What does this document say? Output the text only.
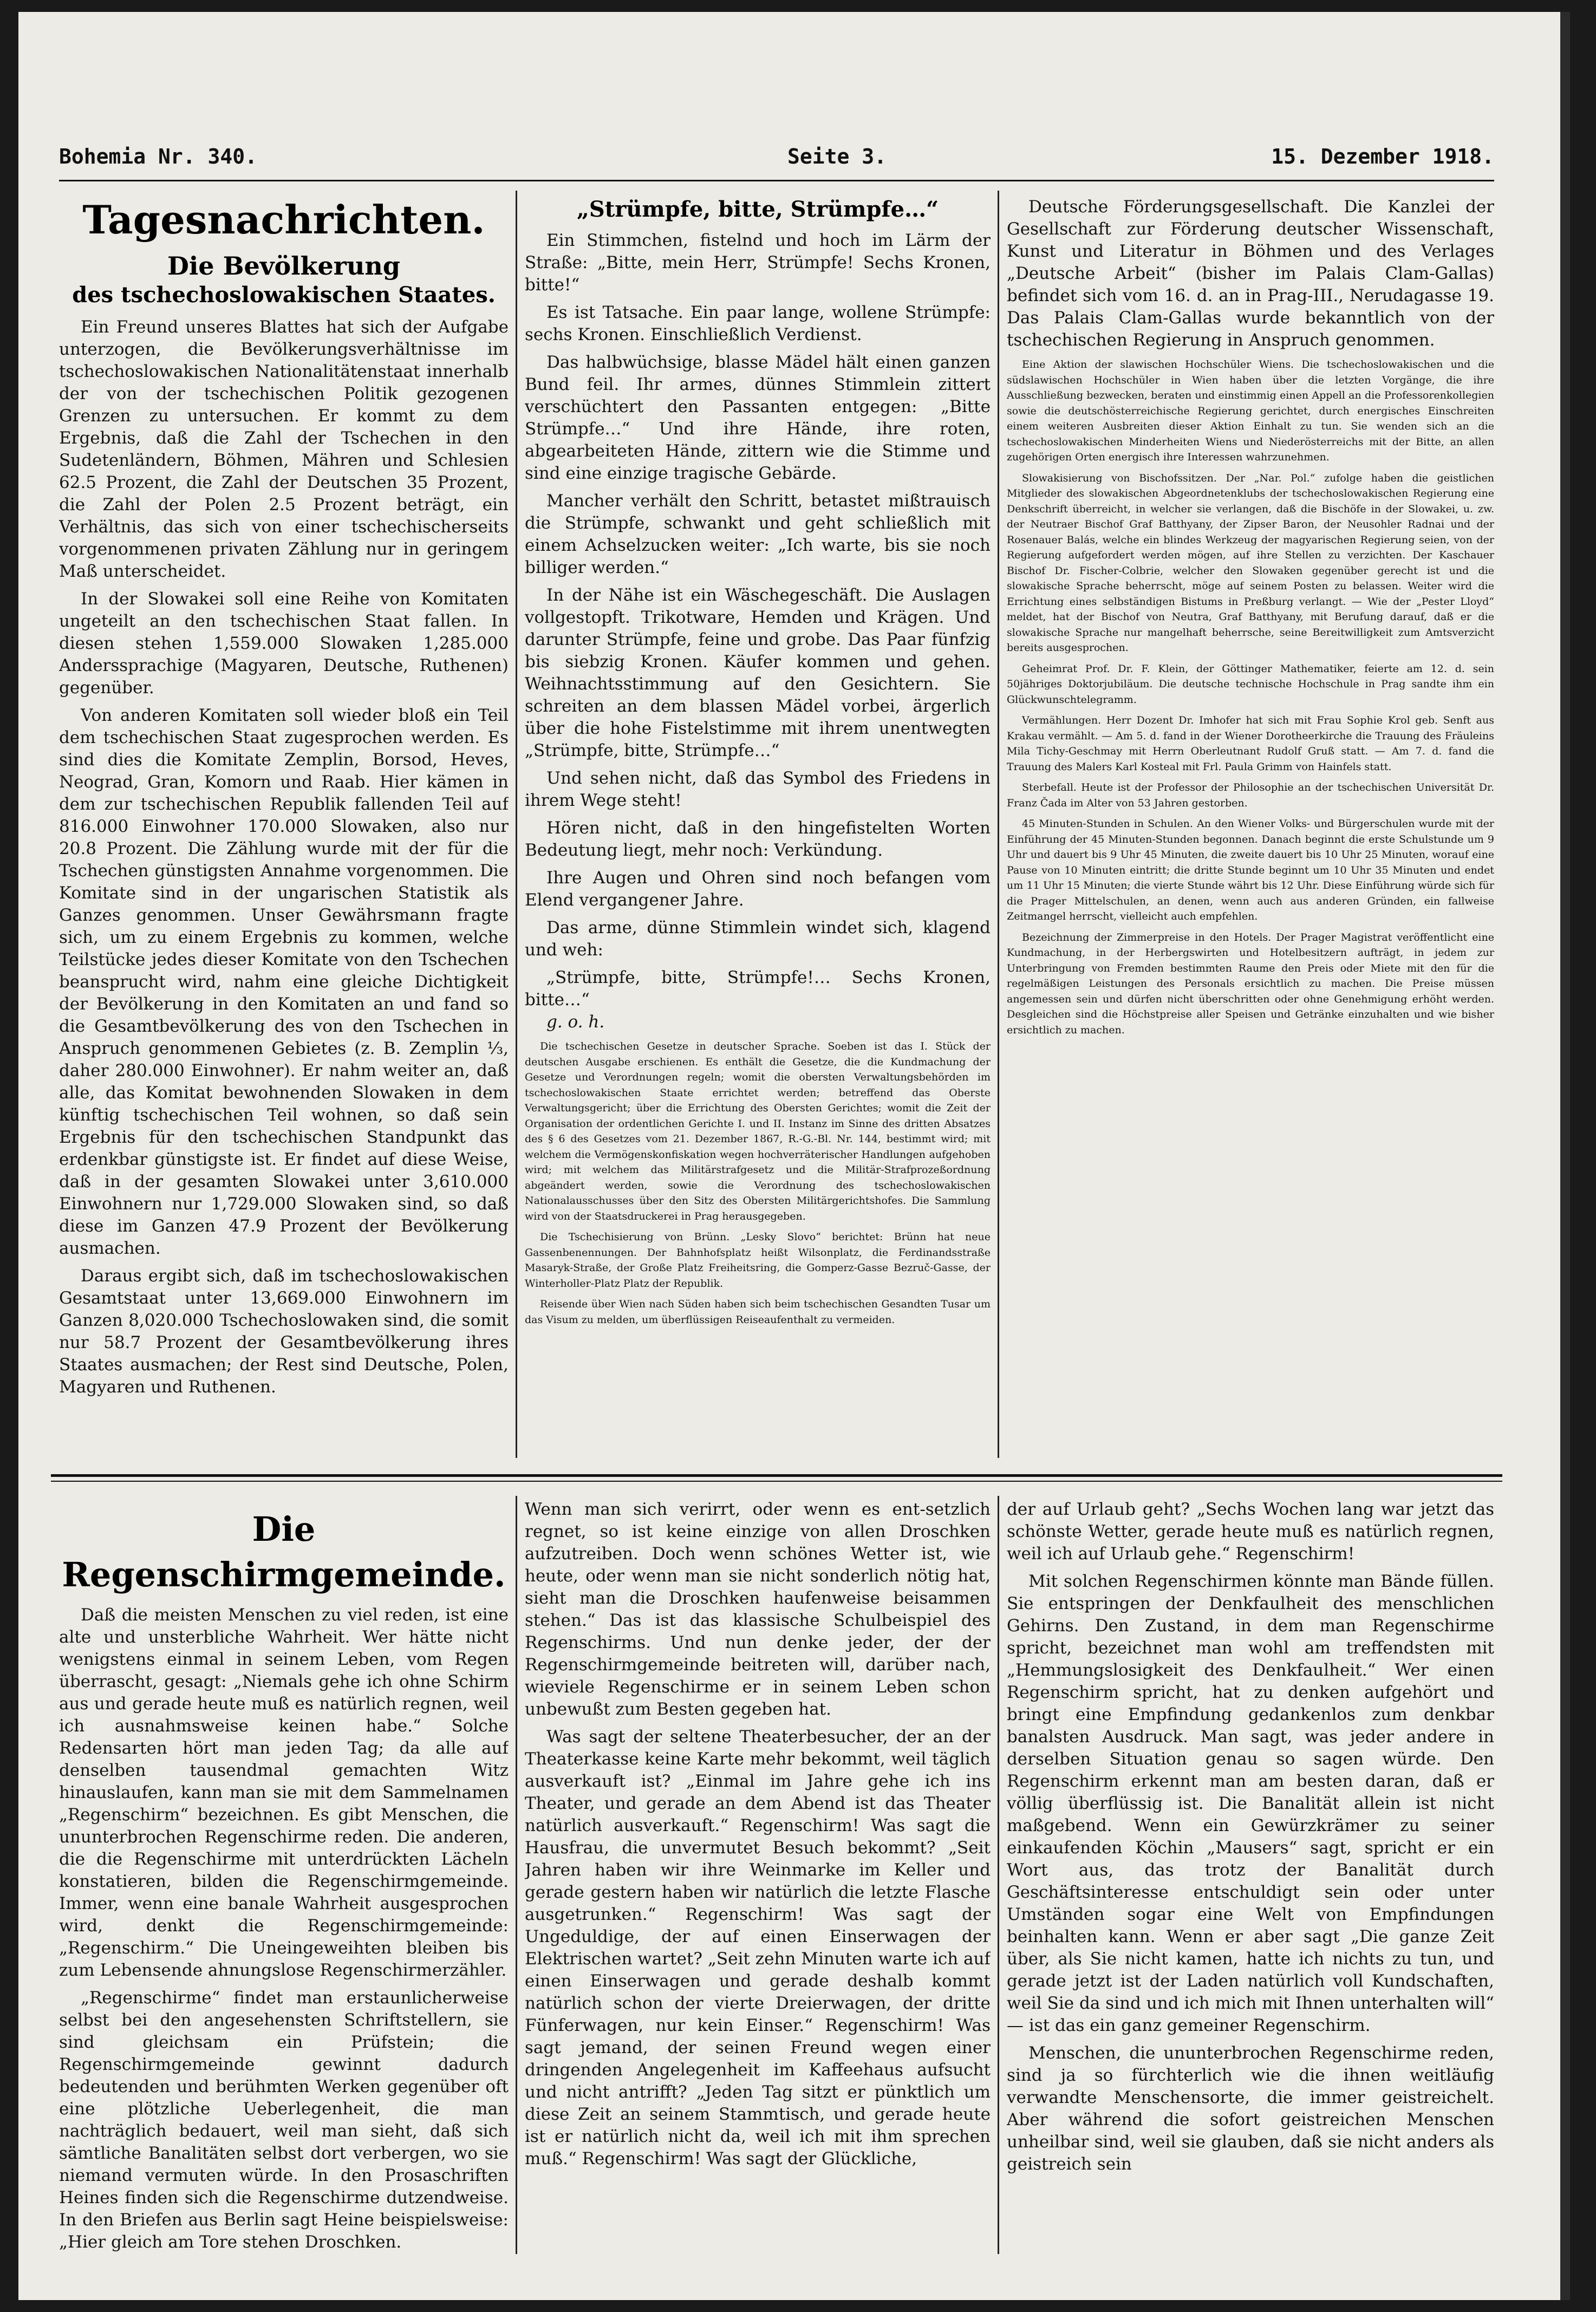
Bohemia Nr. 340.	Seite 3.	15. Dezember 1918.
Tagesnachrichten.
Die Bevölkerung
des tschechoslowakischen Staates.

Ein Freund unseres Blattes hat sich der Aufgabe unterzogen, die Bevölkerungsverhältnisse im tschechoslowakischen Nationalitätenstaat innerhalb der von der tschechischen Politik gezogenen Grenzen zu untersuchen. Er kommt zu dem Ergebnis, daß die Zahl der Tschechen in den Sudetenländern, Böhmen, Mähren und Schlesien 62.5 Prozent, die Zahl der Deutschen 35 Prozent, die Zahl der Polen 2.5 Prozent beträgt, ein Verhältnis, das sich von einer tschechischerseits vorgenommenen privaten Zählung nur in geringem Maß unterscheidet.

In der Slowakei soll eine Reihe von Komitaten ungeteilt an den tschechischen Staat fallen. In diesen stehen 1,559.000 Slowaken 1,285.000 Anderssprachige (Magyaren, Deutsche, Ruthenen) gegenüber.

Von anderen Komitaten soll wieder bloß ein Teil dem tschechischen Staat zugesprochen werden. Es sind dies die Komitate Zemplin, Borsod, Heves, Neograd, Gran, Komorn und Raab. Hier kämen in dem zur tschechischen Republik fallenden Teil auf 816.000 Einwohner 170.000 Slowaken, also nur 20.8 Prozent. Die Zählung wurde mit der für die Tschechen günstigsten Annahme vorgenommen. Die Komitate sind in der ungarischen Statistik als Ganzes genommen. Unser Gewährsmann fragte sich, um zu einem Ergebnis zu kommen, welche Teilstücke jedes dieser Komitate von den Tschechen beansprucht wird, nahm eine gleiche Dichtigkeit der Bevölkerung in den Komitaten an und fand so die Gesamtbevölkerung des von den Tschechen in Anspruch genommenen Gebietes (z. B. Zemplin ⅓, daher 280.000 Einwohner). Er nahm weiter an, daß alle, das Komitat bewohnenden Slowaken in dem künftig tschechischen Teil wohnen, so daß sein Ergebnis für den tschechischen Standpunkt das erdenkbar günstigste ist. Er findet auf diese Weise, daß in der gesamten Slowakei unter 3,610.000 Einwohnern nur 1,729.000 Slowaken sind, so daß diese im Ganzen 47.9 Prozent der Bevölkerung ausmachen.

Daraus ergibt sich, daß im tschechoslowakischen Gesamtstaat unter 13,669.000 Einwohnern im Ganzen 8,020.000 Tschechoslowaken sind, die somit nur 58.7 Prozent der Gesamtbevölkerung ihres Staates ausmachen; der Rest sind Deutsche, Polen, Magyaren und Ruthenen.

„Strümpfe, bitte, Strümpfe…“

Ein Stimmchen, fistelnd und hoch im Lärm der Straße: „Bitte, mein Herr, Strümpfe! Sechs Kronen, bitte!“

Es ist Tatsache. Ein paar lange, wollene Strümpfe: sechs Kronen. Einschließlich Verdienst.

Das halbwüchsige, blasse Mädel hält einen ganzen Bund feil. Ihr armes, dünnes Stimmlein zittert verschüchtert den Passanten entgegen: „Bitte Strümpfe…“ Und ihre Hände, ihre roten, abgearbeiteten Hände, zittern wie die Stimme und sind eine einzige tragische Gebärde.

Mancher verhält den Schritt, betastet mißtrauisch die Strümpfe, schwankt und geht schließlich mit einem Achselzucken weiter: „Ich warte, bis sie noch billiger werden.“

In der Nähe ist ein Wäschegeschäft. Die Auslagen vollgestopft. Trikotware, Hemden und Krägen. Und darunter Strümpfe, feine und grobe. Das Paar fünfzig bis siebzig Kronen. Käufer kommen und gehen. Weihnachtsstimmung auf den Gesichtern. Sie schreiten an dem blassen Mädel vorbei, ärgerlich über die hohe Fistelstimme mit ihrem unentwegten „Strümpfe, bitte, Strümpfe…“

Und sehen nicht, daß das Symbol des Friedens in ihrem Wege steht!

Hören nicht, daß in den hingefistelten Worten Bedeutung liegt, mehr noch: Verkündung.

Ihre Augen und Ohren sind noch befangen vom Elend vergangener Jahre.

Das arme, dünne Stimmlein windet sich, klagend und weh:

„Strümpfe, bitte, Strümpfe!… Sechs Kronen, bitte…“

g. o. h.

Die tschechischen Gesetze in deutscher Sprache. Soeben ist das I. Stück der deutschen Ausgabe erschienen. Es enthält die Gesetze, die die Kundmachung der Gesetze und Verordnungen regeln; womit die obersten Verwaltungsbehörden im tschechoslowakischen Staate errichtet werden; betreffend das Oberste Verwaltungsgericht; über die Errichtung des Obersten Gerichtes; womit die Zeit der Organisation der ordentlichen Gerichte I. und II. Instanz im Sinne des dritten Absatzes des § 6 des Gesetzes vom 21. Dezember 1867, R.-G.-Bl. Nr. 144, bestimmt wird; mit welchem die Vermögenskonfiskation wegen hochverräterischer Handlungen aufgehoben wird; mit welchem das Militärstrafgesetz und die Militär-Strafprozeßordnung abgeändert werden, sowie die Verordnung des tschechoslowakischen Nationalausschusses über den Sitz des Obersten Militärgerichtshofes. Die Sammlung wird von der Staatsdruckerei in Prag herausgegeben.

Die Tschechisierung von Brünn. „Lesky Slovo“ berichtet: Brünn hat neue Gassenbenennungen. Der Bahnhofsplatz heißt Wilsonplatz, die Ferdinandsstraße Masaryk-Straße, der Große Platz Freiheitsring, die Gomperz-Gasse Bezruč-Gasse, der Winterholler-Platz Platz der Republik.

Reisende über Wien nach Süden haben sich beim tschechischen Gesandten Tusar um das Visum zu melden, um überflüssigen Reiseaufenthalt zu vermeiden.

Deutsche Förderungsgesellschaft. Die Kanzlei der Gesellschaft zur Förderung deutscher Wissenschaft, Kunst und Literatur in Böhmen und des Verlages „Deutsche Arbeit“ (bisher im Palais Clam-Gallas) befindet sich vom 16. d. an in Prag-III., Nerudagasse 19. Das Palais Clam-Gallas wurde bekanntlich von der tschechischen Regierung in Anspruch genommen.

Eine Aktion der slawischen Hochschüler Wiens. Die tschechoslowakischen und die südslawischen Hochschüler in Wien haben über die letzten Vorgänge, die ihre Ausschließung bezwecken, beraten und einstimmig einen Appell an die Professorenkollegien sowie die deutschösterreichische Regierung gerichtet, durch energisches Einschreiten einem weiteren Ausbreiten dieser Aktion Einhalt zu tun. Sie wenden sich an die tschechoslowakischen Minderheiten Wiens und Niederösterreichs mit der Bitte, an allen zugehörigen Orten energisch ihre Interessen wahrzunehmen.

Slowakisierung von Bischofssitzen. Der „Nar. Pol.“ zufolge haben die geistlichen Mitglieder des slowakischen Abgeordnetenklubs der tschechoslowakischen Regierung eine Denkschrift überreicht, in welcher sie verlangen, daß die Bischöfe in der Slowakei, u. zw. der Neutraer Bischof Graf Batthyany, der Zipser Baron, der Neusohler Radnai und der Rosenauer Balás, welche ein blindes Werkzeug der magyarischen Regierung seien, von der Regierung aufgefordert werden mögen, auf ihre Stellen zu verzichten. Der Kaschauer Bischof Dr. Fischer-Colbrie, welcher den Slowaken gegenüber gerecht ist und die slowakische Sprache beherrscht, möge auf seinem Posten zu belassen. Weiter wird die Errichtung eines selbständigen Bistums in Preßburg verlangt. — Wie der „Pester Lloyd“ meldet, hat der Bischof von Neutra, Graf Batthyany, mit Berufung darauf, daß er die slowakische Sprache nur mangelhaft beherrsche, seine Bereitwilligkeit zum Amtsverzicht bereits ausgesprochen.

Geheimrat Prof. Dr. F. Klein, der Göttinger Mathematiker, feierte am 12. d. sein 50jähriges Doktorjubiläum. Die deutsche technische Hochschule in Prag sandte ihm ein Glückwunschtelegramm.

Vermählungen. Herr Dozent Dr. Imhofer hat sich mit Frau Sophie Krol geb. Senft aus Krakau vermählt. — Am 5. d. fand in der Wiener Dorotheerkirche die Trauung des Fräuleins Mila Tichy-Geschmay mit Herrn Oberleutnant Rudolf Gruß statt. — Am 7. d. fand die Trauung des Malers Karl Kosteal mit Frl. Paula Grimm von Hainfels statt.

Sterbefall. Heute ist der Professor der Philosophie an der tschechischen Universität Dr. Franz Čada im Alter von 53 Jahren gestorben.

45 Minuten-Stunden in Schulen. An den Wiener Volks- und Bürgerschulen wurde mit der Einführung der 45 Minuten-Stunden begonnen. Danach beginnt die erste Schulstunde um 9 Uhr und dauert bis 9 Uhr 45 Minuten, die zweite dauert bis 10 Uhr 25 Minuten, worauf eine Pause von 10 Minuten eintritt; die dritte Stunde beginnt um 10 Uhr 35 Minuten und endet um 11 Uhr 15 Minuten; die vierte Stunde währt bis 12 Uhr. Diese Einführung würde sich für die Prager Mittelschulen, an denen, wenn auch aus anderen Gründen, ein fallweise Zeitmangel herrscht, vielleicht auch empfehlen.

Bezeichnung der Zimmerpreise in den Hotels. Der Prager Magistrat veröffentlicht eine Kundmachung, in der Herbergswirten und Hotelbesitzern aufträgt, in jedem zur Unterbringung von Fremden bestimmten Raume den Preis oder Miete mit den für die regelmäßigen Leistungen des Personals ersichtlich zu machen. Die Preise müssen angemessen sein und dürfen nicht überschritten oder ohne Genehmigung erhöht werden. Desgleichen sind die Höchstpreise aller Speisen und Getränke einzuhalten und wie bisher ersichtlich zu machen.

Die Regenschirmgemeinde.

Daß die meisten Menschen zu viel reden, ist eine alte und unsterbliche Wahrheit. Wer hätte nicht wenigstens einmal in seinem Leben, vom Regen überrascht, gesagt: „Niemals gehe ich ohne Schirm aus und gerade heute muß es natürlich regnen, weil ich ausnahmsweise keinen habe.“ Solche Redensarten hört man jeden Tag; da alle auf denselben tausendmal gemachten Witz hinauslaufen, kann man sie mit dem Sammelnamen „Regenschirm“ bezeichnen. Es gibt Menschen, die ununterbrochen Regenschirme reden. Die anderen, die die Regenschirme mit unterdrückten Lächeln konstatieren, bilden die Regenschirmgemeinde. Immer, wenn eine banale Wahrheit ausgesprochen wird, denkt die Regenschirmgemeinde: „Regenschirm.“ Die Uneingeweihten bleiben bis zum Lebensende ahnungslose Regenschirmerzähler.

„Regenschirme“ findet man erstaunlicherweise selbst bei den angesehensten Schriftstellern, sie sind gleichsam ein Prüfstein; die Regenschirmgemeinde gewinnt dadurch bedeutenden und berühmten Werken gegenüber oft eine plötzliche Ueberlegenheit, die man nachträglich bedauert, weil man sieht, daß sich sämtliche Banalitäten selbst dort verbergen, wo sie niemand vermuten würde. In den Prosaschriften Heines finden sich die Regenschirme dutzendweise. In den Briefen aus Berlin sagt Heine beispielsweise: „Hier gleich am Tore stehen Droschken.

Wenn man sich verirrt, oder wenn es ent-setzlich regnet, so ist keine einzige von allen Droschken aufzutreiben. Doch wenn schönes Wetter ist, wie heute, oder wenn man sie nicht sonderlich nötig hat, sieht man die Droschken haufenweise beisammen stehen.“ Das ist das klassische Schulbeispiel des Regenschirms. Und nun denke jeder, der der Regenschirmgemeinde beitreten will, darüber nach, wieviele Regenschirme er in seinem Leben schon unbewußt zum Besten gegeben hat.

Was sagt der seltene Theaterbesucher, der an der Theaterkasse keine Karte mehr bekommt, weil täglich ausverkauft ist? „Einmal im Jahre gehe ich ins Theater, und gerade an dem Abend ist das Theater natürlich ausverkauft.“ Regenschirm! Was sagt die Hausfrau, die unvermutet Besuch bekommt? „Seit Jahren haben wir ihre Weinmarke im Keller und gerade gestern haben wir natürlich die letzte Flasche ausgetrunken.“ Regenschirm! Was sagt der Ungeduldige, der auf einen Einserwagen der Elektrischen wartet? „Seit zehn Minuten warte ich auf einen Einserwagen und gerade deshalb kommt natürlich schon der vierte Dreierwagen, der dritte Fünferwagen, nur kein Einser.“ Regenschirm! Was sagt jemand, der seinen Freund wegen einer dringenden Angelegenheit im Kaffeehaus aufsucht und nicht antrifft? „Jeden Tag sitzt er pünktlich um diese Zeit an seinem Stammtisch, und gerade heute ist er natürlich nicht da, weil ich mit ihm sprechen muß.“ Regenschirm! Was sagt der Glückliche,

der auf Urlaub geht? „Sechs Wochen lang war jetzt das schönste Wetter, gerade heute muß es natürlich regnen, weil ich auf Urlaub gehe.“ Regenschirm!

Mit solchen Regenschirmen könnte man Bände füllen. Sie entspringen der Denkfaulheit des menschlichen Gehirns. Den Zustand, in dem man Regenschirme spricht, bezeichnet man wohl am treffendsten mit „Hemmungslosigkeit des Denkfaulheit.“ Wer einen Regenschirm spricht, hat zu denken aufgehört und bringt eine Empfindung gedankenlos zum denkbar banalsten Ausdruck. Man sagt, was jeder andere in derselben Situation genau so sagen würde. Den Regenschirm erkennt man am besten daran, daß er völlig überflüssig ist. Die Banalität allein ist nicht maßgebend. Wenn ein Gewürzkrämer zu seiner einkaufenden Köchin „Mausers“ sagt, spricht er ein Wort aus, das trotz der Banalität durch Geschäftsinteresse entschuldigt sein oder unter Umständen sogar eine Welt von Empfindungen beinhalten kann. Wenn er aber sagt „Die ganze Zeit über, als Sie nicht kamen, hatte ich nichts zu tun, und gerade jetzt ist der Laden natürlich voll Kundschaften, weil Sie da sind und ich mich mit Ihnen unterhalten will“ — ist das ein ganz gemeiner Regenschirm.

Menschen, die ununterbrochen Regenschirme reden, sind ja so fürchterlich wie die ihnen weitläufig verwandte Menschensorte, die immer geistreichelt. Aber während die sofort geistreichen Menschen unheilbar sind, weil sie glauben, daß sie nicht anders als geistreich sein
